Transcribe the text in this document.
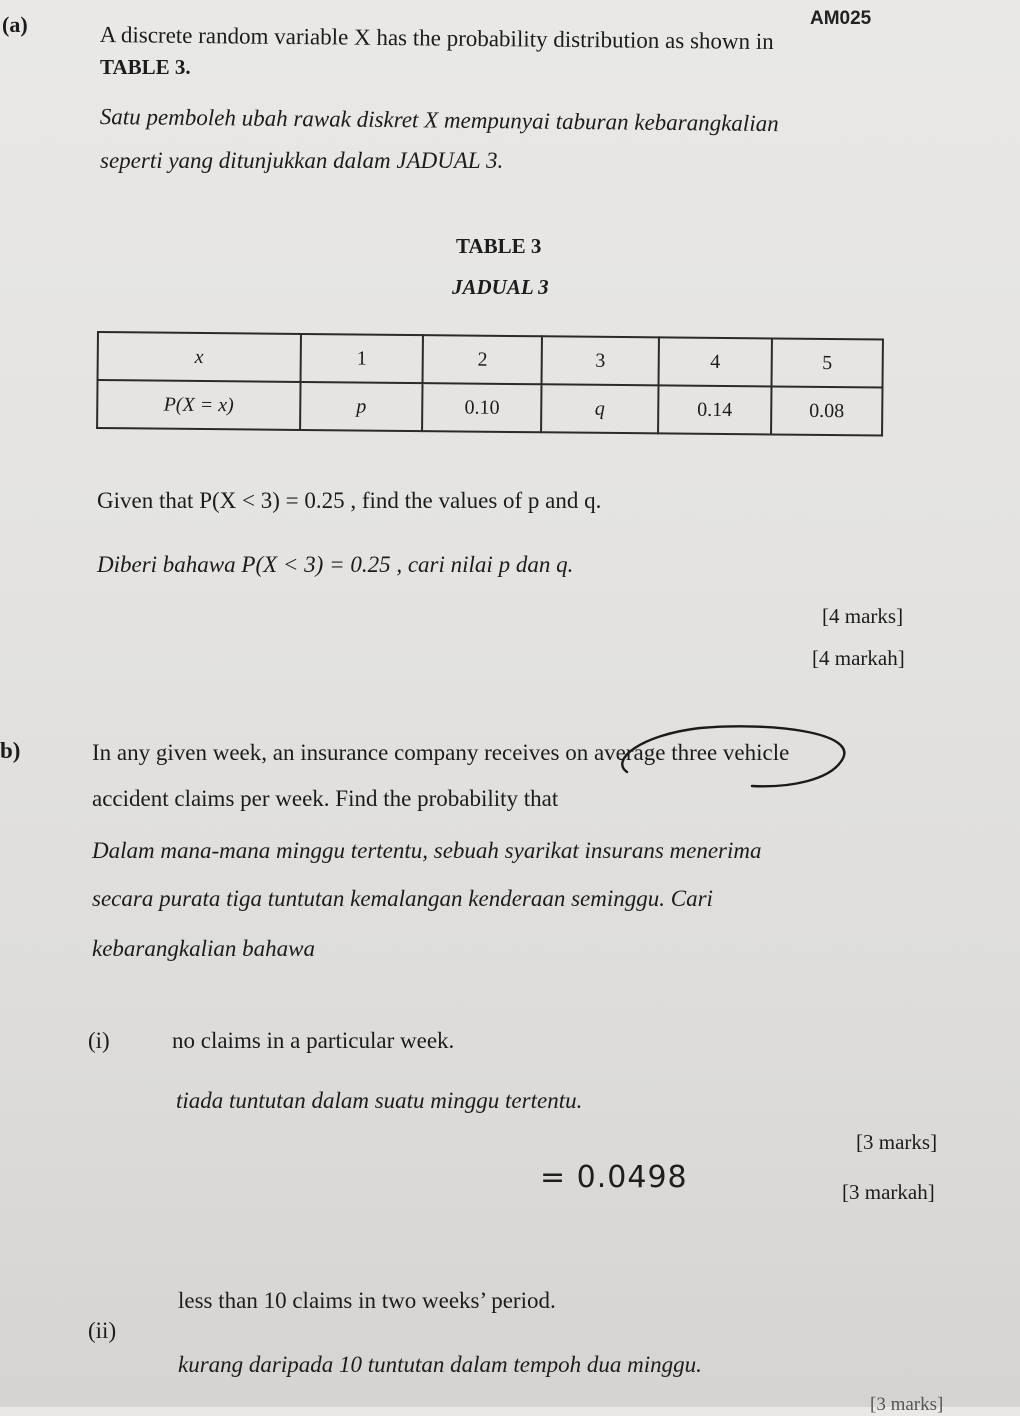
AM025
(a)	A discrete random variable X has the probability distribution as shown in
TABLE 3.
Satu pemboleh ubah rawak diskret X mempunyai taburan kebarangkalian
seperti yang ditunjukkan dalam JADUAL 3.
TABLE 3
JADUAL 3
x	1	2	3	4	5
P(X = x)	p	0.10	q	0.14	0.08
Given that P(X < 3) = 0.25 , find the values of p and q.
Diberi bahawa P(X < 3) = 0.25 , cari nilai p dan q.
[4 marks]
[4 markah]
b)	In any given week, an insurance company receives on average three vehicle
accident claims per week. Find the probability that
Dalam mana-mana minggu tertentu, sebuah syarikat insurans menerima
secara purata tiga tuntutan kemalangan kenderaan seminggu. Cari
kebarangkalian bahawa
(i)	no claims in a particular week.
tiada tuntutan dalam suatu minggu tertentu.
[3 marks]
= 0.0498	[3 markah]
(ii)
less than 10 claims in two weeks’ period.
kurang daripada 10 tuntutan dalam tempoh dua minggu.
[3 marks]
